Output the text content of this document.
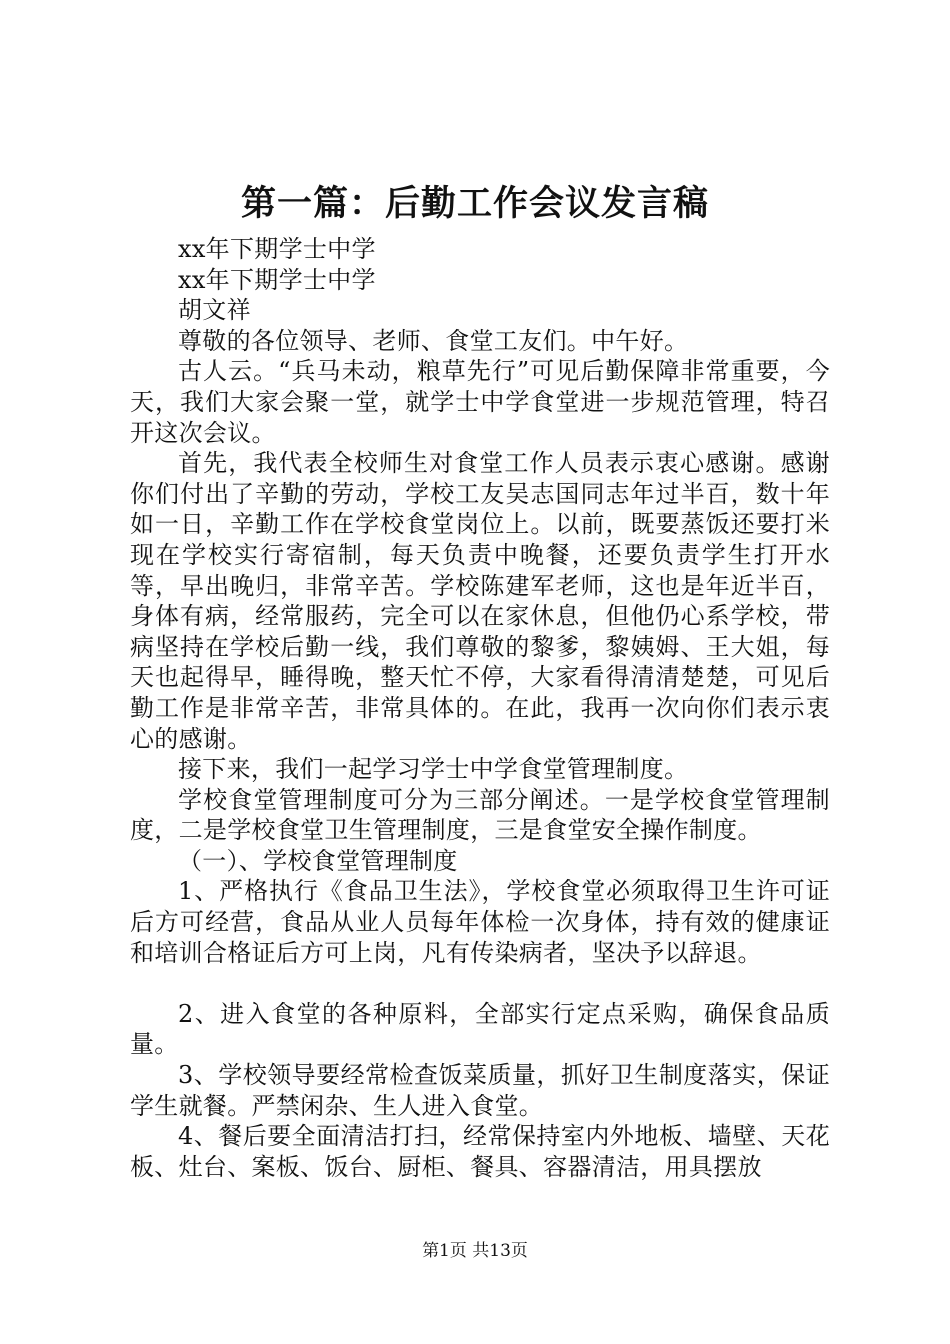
第一篇：后勤工作会议发言稿

xx年下期学士中学

xx年下期学士中学

胡文祥

尊敬的各位领导、老师、食堂工友们。中午好。

古人云。“兵马未动，粮草先行”可见后勤保障非常重要，今天，我们大家会聚一堂，就学士中学食堂进一步规范管理，特召开这次会议。

首先，我代表全校师生对食堂工作人员表示衷心感谢。感谢你们付出了辛勤的劳动，学校工友吴志国同志年过半百，数十年如一日，辛勤工作在学校食堂岗位上。以前，既要蒸饭还要打米现在学校实行寄宿制，每天负责中晚餐，还要负责学生打开水等，早出晚归，非常辛苦。学校陈建军老师，这也是年近半百，身体有病，经常服药，完全可以在家休息，但他仍心系学校，带病坚持在学校后勤一线，我们尊敬的黎爹，黎姨姆、王大姐，每天也起得早，睡得晚，整天忙不停，大家看得清清楚楚，可见后勤工作是非常辛苦，非常具体的。在此，我再一次向你们表示衷心的感谢。

接下来，我们一起学习学士中学食堂管理制度。

学校食堂管理制度可分为三部分阐述。一是学校食堂管理制度，二是学校食堂卫生管理制度，三是食堂安全操作制度。

（一）、学校食堂管理制度

1、严格执行《食品卫生法》，学校食堂必须取得卫生许可证后方可经营，食品从业人员每年体检一次身体，持有效的健康证和培训合格证后方可上岗，凡有传染病者，坚决予以辞退。

2、进入食堂的各种原料，全部实行定点采购，确保食品质量。

3、学校领导要经常检查饭菜质量，抓好卫生制度落实，保证学生就餐。严禁闲杂、生人进入食堂。

4、餐后要全面清洁打扫，经常保持室内外地板、墙壁、天花板、灶台、案板、饭台、厨柜、餐具、容器清洁，用具摆放

第1页 共13页
